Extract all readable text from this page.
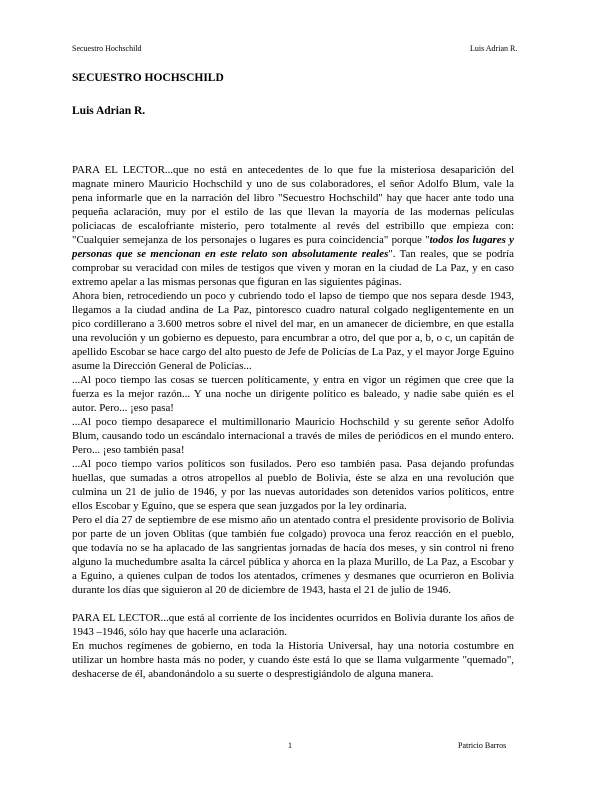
Secuestro Hochschild	Luis Adrian R.
SECUESTRO HOCHSCHILD
Luis Adrian R.

PARA EL LECTOR...que no está en antecedentes de lo que fue la misteriosa desaparición del magnate minero Mauricio Hochschild y uno de sus colaboradores, el señor Adolfo Blum, vale la pena informarle que en la narración del libro "Secuestro Hochschild" hay que hacer ante todo una pequeña aclaración, muy por el estilo de las que llevan la mayoría de las modernas películas policiacas de escalofriante misterio, pero totalmente al revés del estribillo que empieza con: "Cualquier semejanza de los personajes o lugares es pura coincidencia" porque "todos los lugares y personas que se mencionan en este relato son absolutamente reales". Tan reales, que se podría comprobar su veracidad con miles de testigos que viven y moran en la ciudad de La Paz, y en caso extremo apelar a las mismas personas que figuran en las siguientes páginas.

Ahora bien, retrocediendo un poco y cubriendo todo el lapso de tiempo que nos separa desde 1943, llegamos a la ciudad andina de La Paz, pintoresco cuadro natural colgado negligentemente en un pico cordillerano a 3.600 metros sobre el nivel del mar, en un amanecer de diciembre, en que estalla una revolución y un gobierno es depuesto, para encumbrar a otro, del que por a, b, o c, un capitán de apellido Escobar se hace cargo del alto puesto de Jefe de Policías de La Paz, y el mayor Jorge Eguino asume la Dirección General de Policías...

...Al poco tiempo las cosas se tuercen políticamente, y entra en vigor un régimen que cree que la fuerza es la mejor razón... Y una noche un dirigente político es baleado, y nadie sabe quién es el autor. Pero... ¡eso pasa!

...Al poco tiempo desaparece el multimillonario Mauricio Hochschild y su gerente señor Adolfo Blum, causando todo un escándalo internacional a través de miles de periódicos en el mundo entero. Pero... ¡eso también pasa!

...Al poco tiempo varios políticos son fusilados. Pero eso también pasa. Pasa dejando profundas huellas, que sumadas a otros atropellos al pueblo de Bolivia, éste se alza en una revolución que culmina un 21 de julio de 1946, y por las nuevas autoridades son detenidos varios políticos, entre ellos Escobar y Eguino, que se espera que sean juzgados por la ley ordinaria.

Pero el día 27 de septiembre de ese mismo año un atentado contra el presidente provisorio de Bolivia por parte de un joven Oblitas (que también fue colgado) provoca una feroz reacción en el pueblo, que todavía no se ha aplacado de las sangrientas jornadas de hacía dos meses, y sin control ni freno alguno la muchedumbre asalta la cárcel pública y ahorca en la plaza Murillo, de La Paz, a Escobar y a Eguino, a quienes culpan de todos los atentados, crímenes y desmanes que ocurrieron en Bolivia durante los días que siguieron al 20 de diciembre de 1943, hasta el 21 de julio de 1946.

PARA EL LECTOR...que está al corriente de los incidentes ocurridos en Bolivia durante los años de 1943 –1946, sólo hay que hacerle una aclaración.

En muchos regímenes de gobierno, en toda la Historia Universal, hay una notoria costumbre en utilizar un hombre hasta más no poder, y cuando éste está lo que se llama vulgarmente "quemado", deshacerse de él, abandonándolo a su suerte o desprestigiándolo de alguna manera.

1	Patricio Barros
